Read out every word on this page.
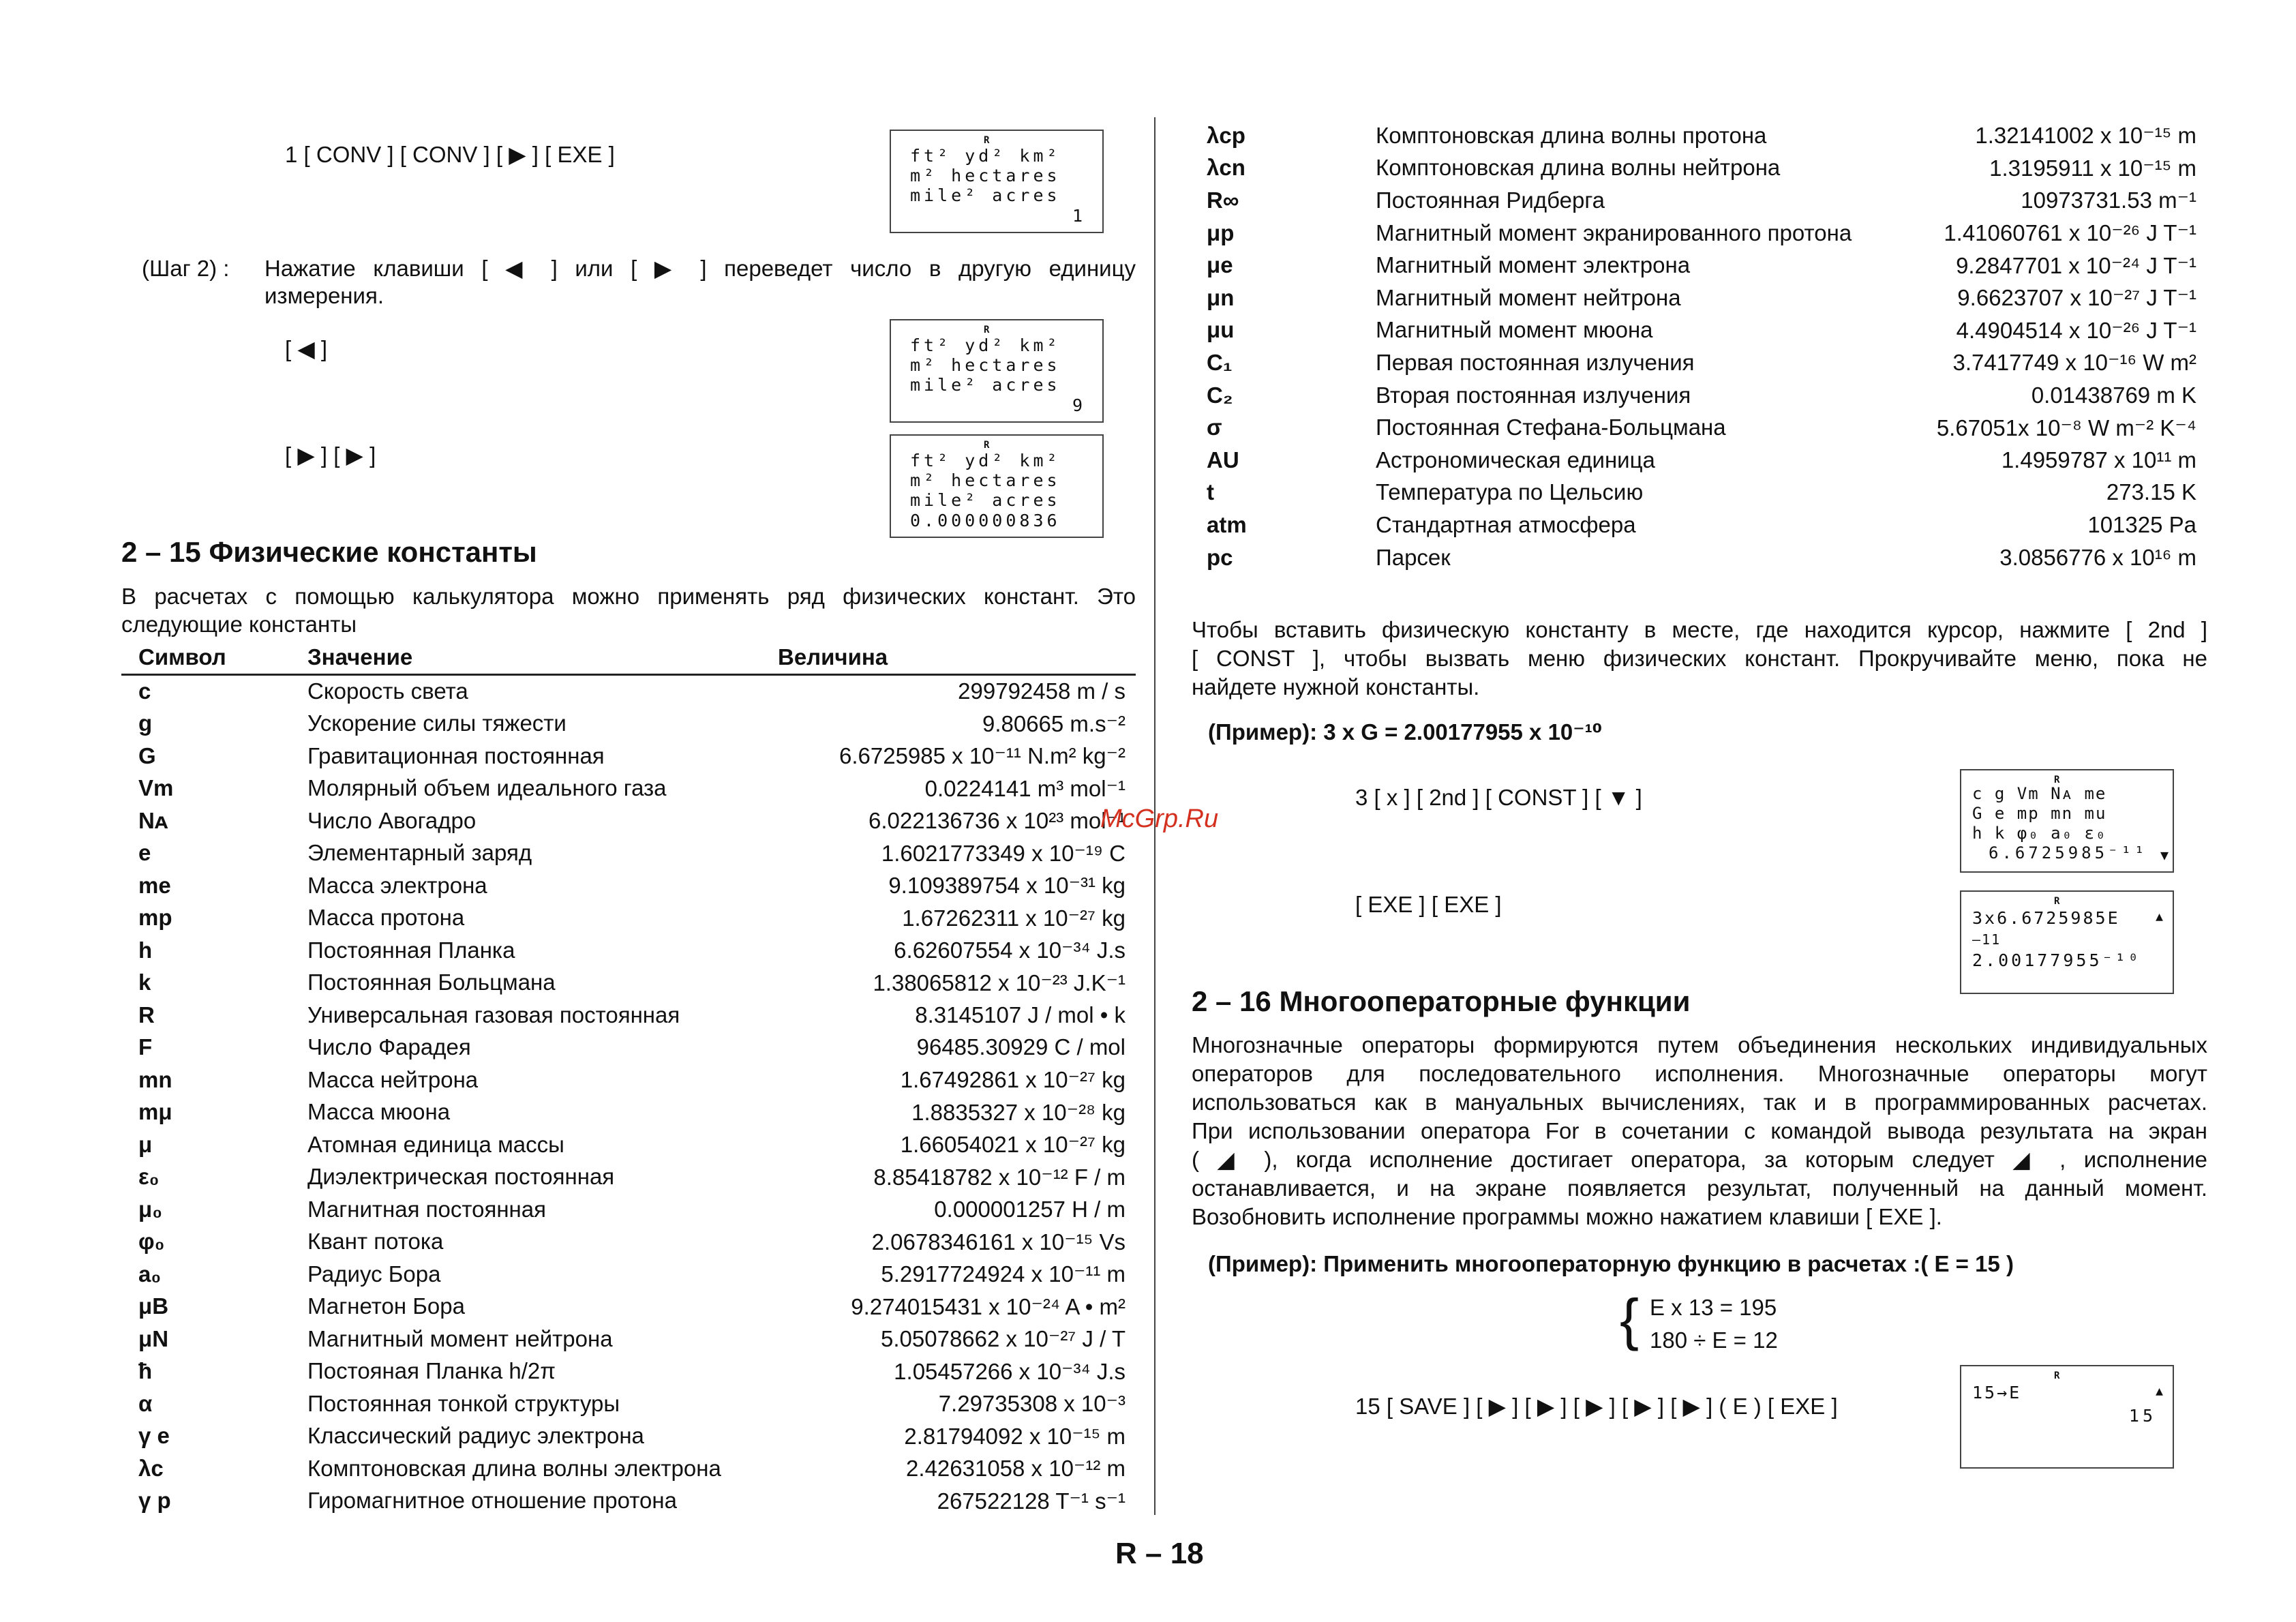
1 [ CONV ] [ CONV ] [ ▶ ] [ EXE ]
R
ft² yd² km²
m² hectares
mile² acres
1
(Шаг 2) : Нажатие клавиши [ ◀ ] или [ ▶ ] переведет число в другую единицу
измерения.
[ ◀ ]
R
ft² yd² km²
m² hectares
mile² acres
9
[ ▶ ] [ ▶ ]	R
ft² yd² km²
m² hectares
mile² acres
0.000000836
2 – 15 Физические константы
В расчетах с помощью калькулятора можно применять ряд физических констант. Это
следующие константы
Символ	Значение	Величина
c	Скорость света	299792458 m / s
g	Ускорение силы тяжести	9.80665 m.s⁻²
G	Гравитационная постоянная	6.6725985 x 10⁻¹¹ N.m² kg⁻²
Vm	Молярный объем идеального газа	0.0224141 m³ mol⁻¹
Nᴀ	Число Авогадро	6.022136736 x 10²³ mol⁻¹
e	Элементарный заряд	1.6021773349 x 10⁻¹⁹ C
me	Масса электрона	9.109389754 x 10⁻³¹ kg
mp	Масса протона	1.67262311 x 10⁻²⁷ kg
h	Постоянная Планка	6.62607554 x 10⁻³⁴ J.s
k	Постоянная Больцмана	1.38065812 x 10⁻²³ J.K⁻¹
R	Универсальная газовая постоянная	8.3145107 J / mol • k
F	Число Фарадея	96485.30929 C / mol
mn	Масса нейтрона	1.67492861 x 10⁻²⁷ kg
mμ	Масса мюона	1.8835327 x 10⁻²⁸ kg
μ	Атомная единица массы	1.66054021 x 10⁻²⁷ kg
ε₀	Диэлектрическая постоянная	8.85418782 x 10⁻¹² F / m
μ₀	Магнитная постоянная	0.000001257 H / m
φ₀	Квант потока	2.0678346161 x 10⁻¹⁵ Vs
a₀	Радиус Бора	5.2917724924 x 10⁻¹¹ m
μB	Магнетон Бора	9.274015431 x 10⁻²⁴ A • m²
μN	Магнитный момент нейтрона	5.05078662 x 10⁻²⁷ J / T
ħ	Постояная Планка h/2π	1.05457266 x 10⁻³⁴ J.s
α	Постоянная тонкой структуры	7.29735308 x 10⁻³
γ e	Классический радиус электрона	2.81794092 x 10⁻¹⁵ m
λc	Комптоновская длина волны электрона	2.42631058 x 10⁻¹² m
γ p	Гиромагнитное отношение протона	267522128 T⁻¹ s⁻¹
λcp	Комптоновская длина волны протона	1.32141002 x 10⁻¹⁵ m
λcn	Комптоновская длина волны нейтрона	1.3195911 x 10⁻¹⁵ m
R∞	Постоянная Ридберга	10973731.53 m⁻¹
μp	Магнитный момент экранированного протона	1.41060761 x 10⁻²⁶ J T⁻¹
μe	Магнитный момент электрона	9.2847701 x 10⁻²⁴ J T⁻¹
μn	Магнитный момент нейтрона	9.6623707 x 10⁻²⁷ J T⁻¹
μu	Магнитный момент мюона	4.4904514 x 10⁻²⁶ J T⁻¹
C₁	Первая постоянная излучения	3.7417749 x 10⁻¹⁶ W m²
C₂	Вторая постоянная излучения	0.01438769 m K
σ	Постоянная Стефана-Больцмана	5.67051x 10⁻⁸ W m⁻² K⁻⁴
AU	Астрономическая единица	1.4959787 x 10¹¹ m
t	Температура по Цельсию	273.15 K
atm	Стандартная атмосфера	101325 Pa
pc	Парсек	3.0856776 x 10¹⁶ m
Чтобы вставить физическую константу в месте, где находится курсор, нажмите [ 2nd ]
[ CONST ], чтобы вызвать меню физических констант. Прокручивайте меню, пока не
найдете нужной константы.
(Пример): 3 x G = 2.00177955 x 10⁻¹⁰
3 [ x ] [ 2nd ] [ CONST ] [ ▼ ]
R
c g Vm Nᴀ me
G e mp mn mu
h k φ₀ a₀ ε₀
6.6725985⁻¹¹ ▼
[ EXE ] [ EXE ]	R
3x6.6725985E
–11
2.00177955⁻¹⁰
▲
2 – 16 Многооператорные функции
Многозначные операторы формируются путем объединения нескольких индивидуальных
операторов для последовательного исполнения. Многозначные операторы могут
использоваться как в мануальных вычислениях, так и в программированных расчетах.
При использовании оператора For в сочетании с командой вывода результата на экран
( ◢ ), когда исполнение достигает оператора, за которым следует ◢ , исполнение
останавливается, и на экране появляется результат, полученный на данный момент.
Возобновить исполнение программы можно нажатием клавиши [ EXE ].
(Пример): Применить многооператорную функцию в расчетах :( E = 15 )
{ E x 13 = 195
180 ÷ E = 12
15 [ SAVE ] [ ▶ ] [ ▶ ] [ ▶ ] [ ▶ ] [ ▶ ] ( E ) [ EXE ]
R
15→E
15
▲
McGrp.Ru
R – 18
